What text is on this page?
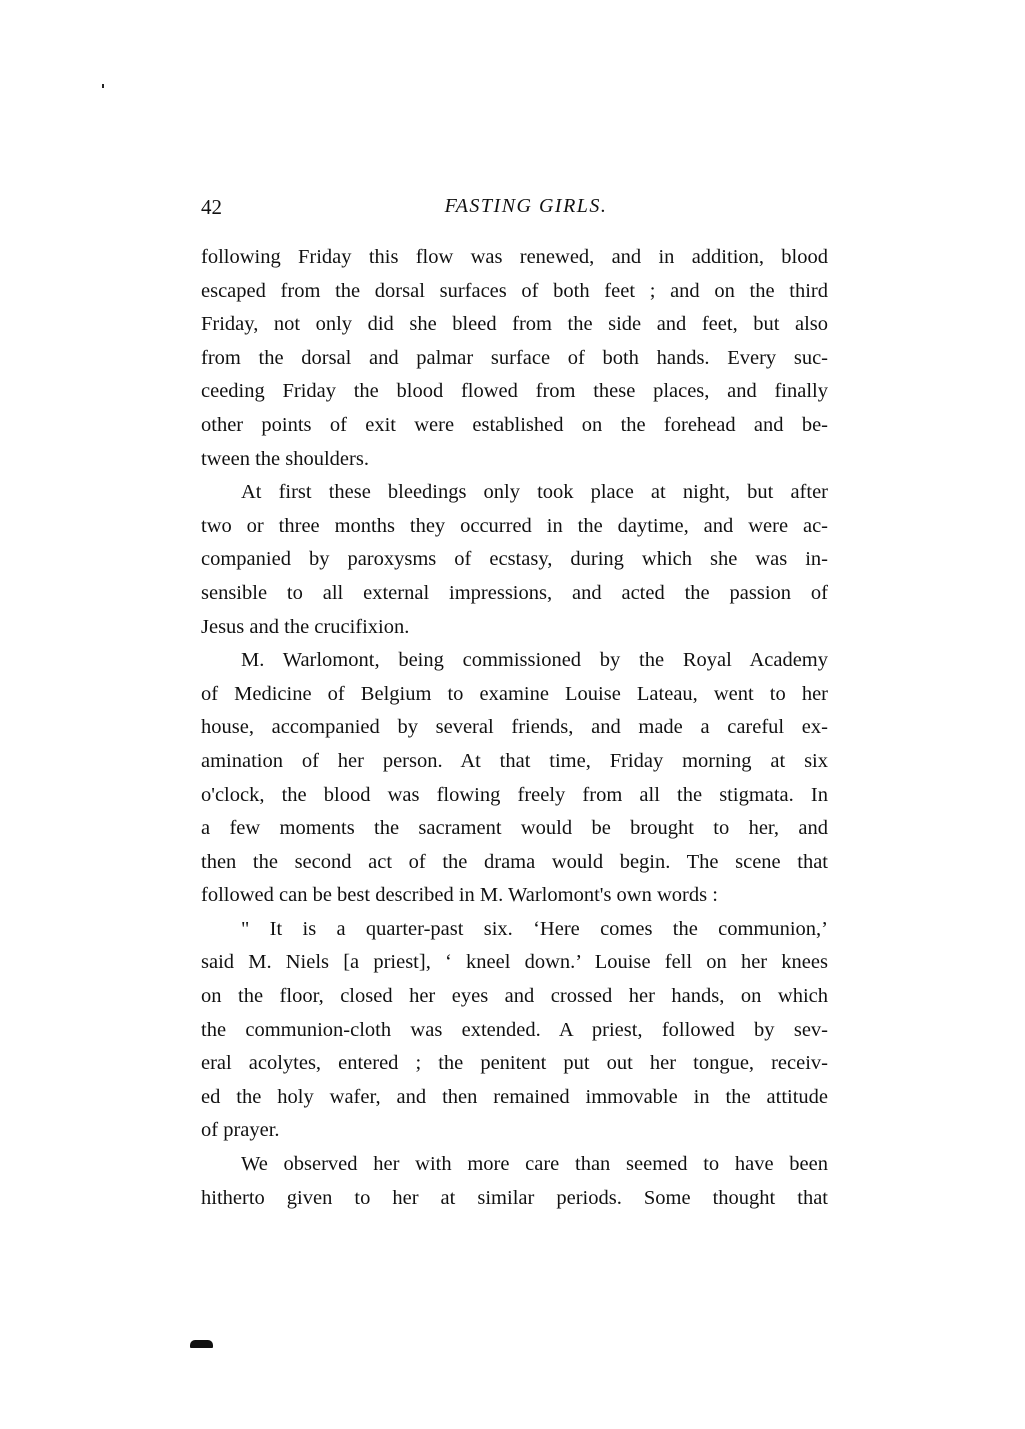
42	FASTING GIRLS.
following Friday this flow was renewed, and in addition, blood
escaped from the dorsal surfaces of both feet ; and on the third
Friday, not only did she bleed from the side and feet, but also
from the dorsal and palmar surface of both hands. Every suc-
ceeding Friday the blood flowed from these places, and finally
other points of exit were established on the forehead and be-
tween the shoulders.
At first these bleedings only took place at night, but after
two or three months they occurred in the daytime, and were ac-
companied by paroxysms of ecstasy, during which she was in-
sensible to all external impressions, and acted the passion of
Jesus and the crucifixion.
M. Warlomont, being commissioned by the Royal Academy
of Medicine of Belgium to examine Louise Lateau, went to her
house, accompanied by several friends, and made a careful ex-
amination of her person. At that time, Friday morning at six
o'clock, the blood was flowing freely from all the stigmata. In
a few moments the sacrament would be brought to her, and
then the second act of the drama would begin. The scene that
followed can be best described in M. Warlomont's own words :
" It is a quarter-past six. ‘Here comes the communion,’
said M. Niels [a priest], ‘ kneel down.’ Louise fell on her knees
on the floor, closed her eyes and crossed her hands, on which
the communion-cloth was extended. A priest, followed by sev-
eral acolytes, entered ; the penitent put out her tongue, receiv-
ed the holy wafer, and then remained immovable in the attitude
of prayer.
We observed her with more care than seemed to have been
hitherto given to her at similar periods. Some thought that
